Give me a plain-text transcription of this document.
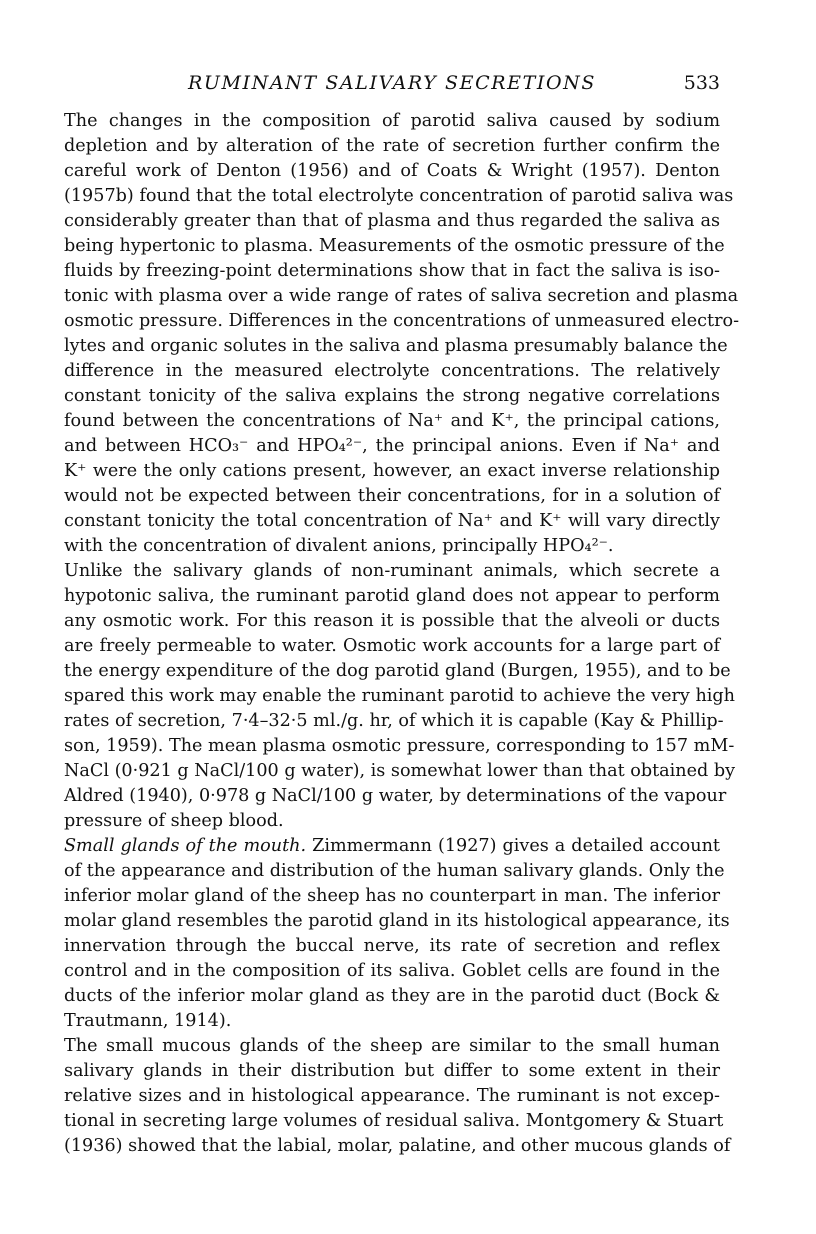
RUMINANT SALIVARY SECRETIONS	533
The changes in the composition of parotid saliva caused by sodium
depletion and by alteration of the rate of secretion further confirm the
careful work of Denton (1956) and of Coats & Wright (1957). Denton
(1957b) found that the total electrolyte concentration of parotid saliva was
considerably greater than that of plasma and thus regarded the saliva as
being hypertonic to plasma. Measurements of the osmotic pressure of the
fluids by freezing-point determinations show that in fact the saliva is iso-
tonic with plasma over a wide range of rates of saliva secretion and plasma
osmotic pressure. Differences in the concentrations of unmeasured electro-
lytes and organic solutes in the saliva and plasma presumably balance the
difference in the measured electrolyte concentrations. The relatively
constant tonicity of the saliva explains the strong negative correlations
found between the concentrations of Na⁺ and K⁺, the principal cations,
and between HCO₃⁻ and HPO₄²⁻, the principal anions. Even if Na⁺ and
K⁺ were the only cations present, however, an exact inverse relationship
would not be expected between their concentrations, for in a solution of
constant tonicity the total concentration of Na⁺ and K⁺ will vary directly
with the concentration of divalent anions, principally HPO₄²⁻.
Unlike the salivary glands of non-ruminant animals, which secrete a
hypotonic saliva, the ruminant parotid gland does not appear to perform
any osmotic work. For this reason it is possible that the alveoli or ducts
are freely permeable to water. Osmotic work accounts for a large part of
the energy expenditure of the dog parotid gland (Burgen, 1955), and to be
spared this work may enable the ruminant parotid to achieve the very high
rates of secretion, 7·4–32·5 ml./g. hr, of which it is capable (Kay & Phillip-
son, 1959). The mean plasma osmotic pressure, corresponding to 157 mM-
NaCl (0·921 g NaCl/100 g water), is somewhat lower than that obtained by
Aldred (1940), 0·978 g NaCl/100 g water, by determinations of the vapour
pressure of sheep blood.
Small glands of the mouth. Zimmermann (1927) gives a detailed account
of the appearance and distribution of the human salivary glands. Only the
inferior molar gland of the sheep has no counterpart in man. The inferior
molar gland resembles the parotid gland in its histological appearance, its
innervation through the buccal nerve, its rate of secretion and reflex
control and in the composition of its saliva. Goblet cells are found in the
ducts of the inferior molar gland as they are in the parotid duct (Bock &
Trautmann, 1914).
The small mucous glands of the sheep are similar to the small human
salivary glands in their distribution but differ to some extent in their
relative sizes and in histological appearance. The ruminant is not excep-
tional in secreting large volumes of residual saliva. Montgomery & Stuart
(1936) showed that the labial, molar, palatine, and other mucous glands of
